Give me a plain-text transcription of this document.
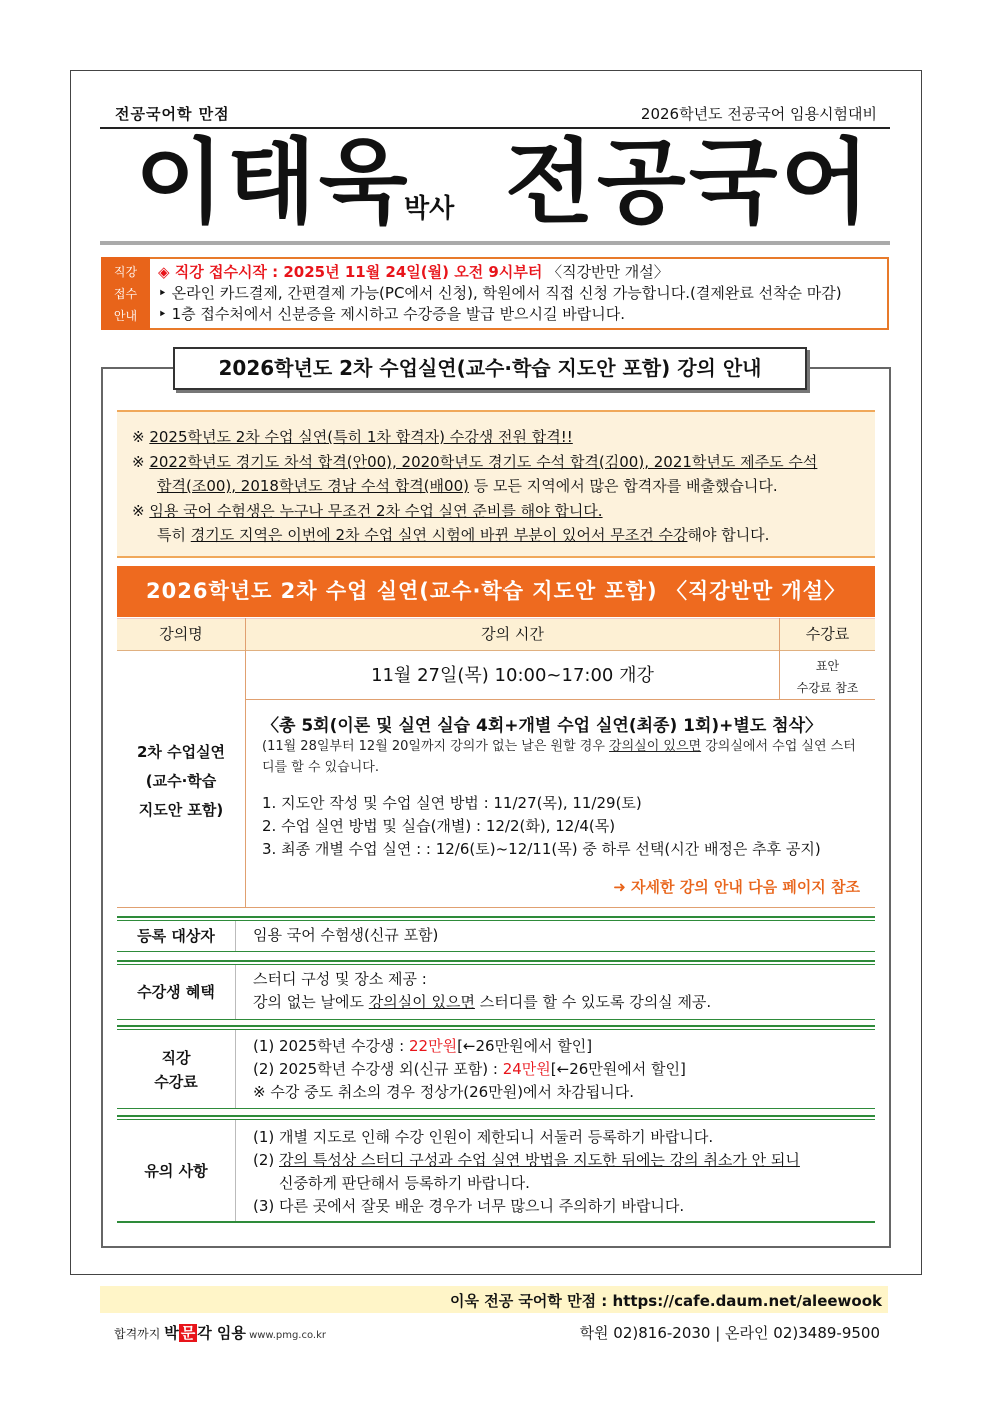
전공국어학 만점	2026학년도 전공국어 임용시험대비
이태욱
박사 전공국어
직강
접수
안내
◈ 직강 접수시작 : 2025년 11월 24일(월) 오전 9시부터 〈직강반만 개설〉
‣ 온라인 카드결제, 간편결제 가능(PC에서 신청), 학원에서 직접 신청 가능합니다.(결제완료 선착순 마감)
‣ 1층 접수처에서 신분증을 제시하고 수강증을 발급 받으시길 바랍니다.
2026학년도 2차 수업실연(교수·학습 지도안 포함) 강의 안내
※ 2025학년도 2차 수업 실연(특히 1차 합격자) 수강생 전원 합격!!
※ 2022학년도 경기도 차석 합격(안00), 2020학년도 경기도 수석 합격(김00), 2021학년도 제주도 수석
합격(조00), 2018학년도 경남 수석 합격(배00) 등 모든 지역에서 많은 합격자를 배출했습니다.
※ 임용 국어 수험생은 누구나 무조건 2차 수업 실연 준비를 해야 합니다.
특히 경기도 지역은 이번에 2차 수업 실연 시험에 바뀐 부분이 있어서 무조건 수강해야 합니다.
2026학년도 2차 수업 실연(교수·학습 지도안 포함) 〈직강반만 개설〉
강의명	강의 시간	수강료
2차 수업실연
(교수·학습
지도안 포함)
11월 27일(목) 10:00~17:00 개강	표안
수강료 참조
〈총 5회(이론 및 실연 실습 4회+개별 수업 실연(최종) 1회)+별도 첨삭〉
(11월 28일부터 12월 20일까지 강의가 없는 날은 원할 경우 강의실이 있으면 강의실에서 수업 실연 스터디를 할 수 있습니다.
1. 지도안 작성 및 수업 실연 방법 : 11/27(목), 11/29(토)
2. 수업 실연 방법 및 실습(개별) : 12/2(화), 12/4(목)
3. 최종 개별 수업 실연 : : 12/6(토)~12/11(목) 중 하루 선택(시간 배정은 추후 공지)
➜ 자세한 강의 안내 다음 페이지 참조
등록 대상자	임용 국어 수험생(신규 포함)
수강생 혜택
스터디 구성 및 장소 제공 :
강의 없는 날에도 강의실이 있으면 스터디를 할 수 있도록 강의실 제공.
직강
수강료
(1) 2025학년 수강생 : 22만원[←26만원에서 할인]
(2) 2025학년 수강생 외(신규 포함) : 24만원[←26만원에서 할인]
※ 수강 중도 취소의 경우 정상가(26만원)에서 차감됩니다.
유의 사항
(1) 개별 지도로 인해 수강 인원이 제한되니 서둘러 등록하기 바랍니다.
(2) 강의 특성상 스터디 구성과 수업 실연 방법을 지도한 뒤에는 강의 취소가 안 되니
신중하게 판단해서 등록하기 바랍니다.
(3) 다른 곳에서 잘못 배운 경우가 너무 많으니 주의하기 바랍니다.
이욱 전공 국어학 만점 : https://cafe.daum.net/aleewook
합격까지 박 문 각 임용 www.pmg.co.kr	학원 02)816-2030 | 온라인 02)3489-9500
